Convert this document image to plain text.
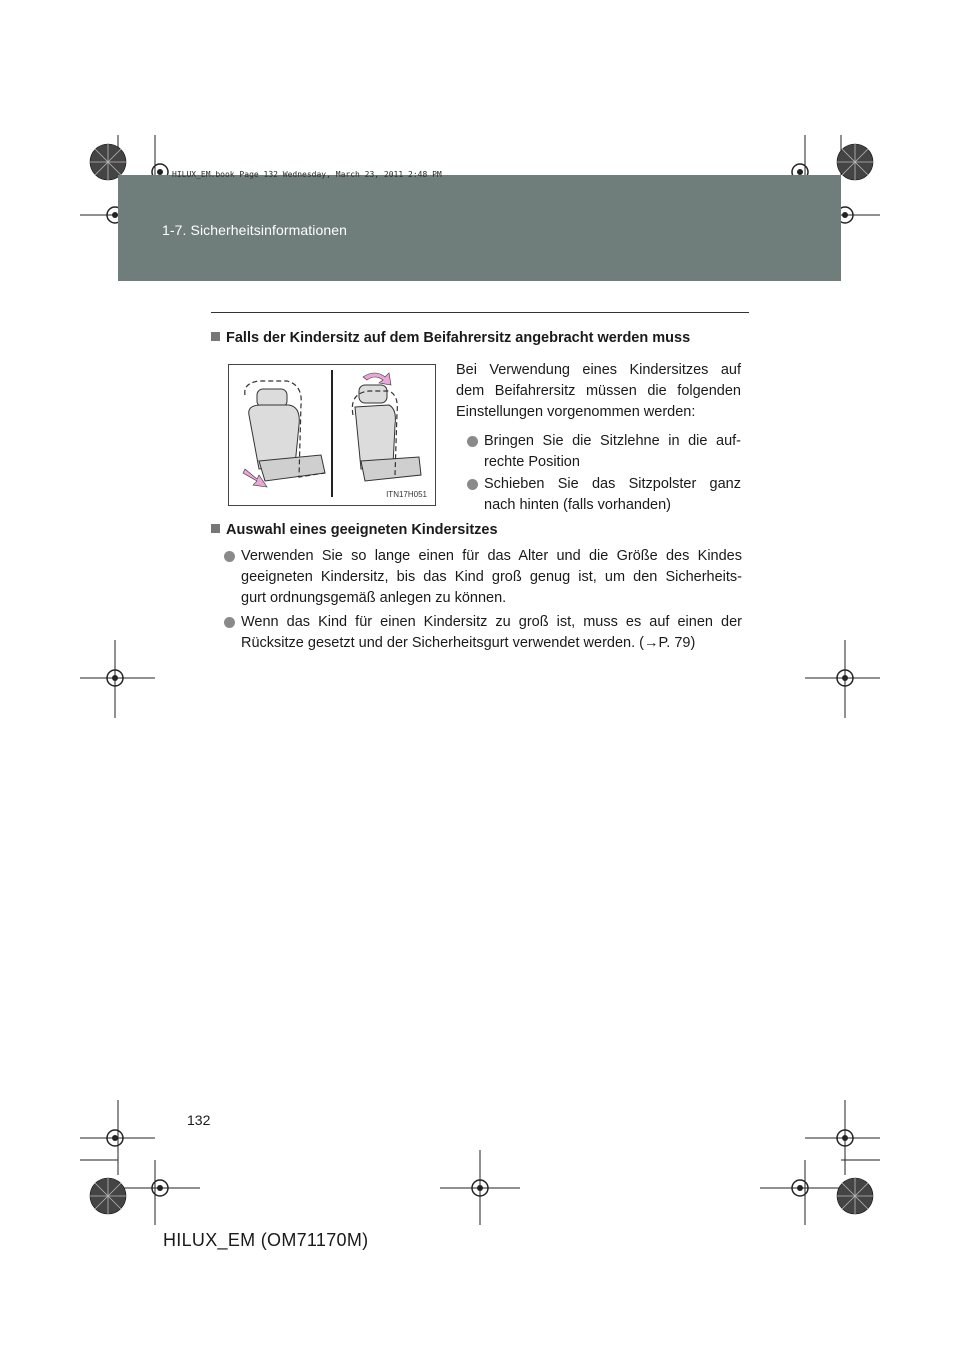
1-7. Sicherheitsinformationen
HILUX_EM.book Page 132 Wednesday, March 23, 2011 2:48 PM
Falls der Kindersitz auf dem Beifahrersitz angebracht werden muss
ITN17H051
Bei Verwendung eines Kindersitzes auf
dem Beifahrersitz müssen die folgenden
Einstellungen vorgenommen werden:
Bringen Sie die Sitzlehne in die auf-
rechte Position
Schieben Sie das Sitzpolster ganz
nach hinten (falls vorhanden)
Auswahl eines geeigneten Kindersitzes
Verwenden Sie so lange einen für das Alter und die Größe des Kindes
geeigneten Kindersitz, bis das Kind groß genug ist, um den Sicherheits-
gurt ordnungsgemäß anlegen zu können.
Wenn das Kind für einen Kindersitz zu groß ist, muss es auf einen der
Rücksitze gesetzt und der Sicherheitsgurt verwendet werden. (→P. 79)
132
HILUX_EM (OM71170M)
